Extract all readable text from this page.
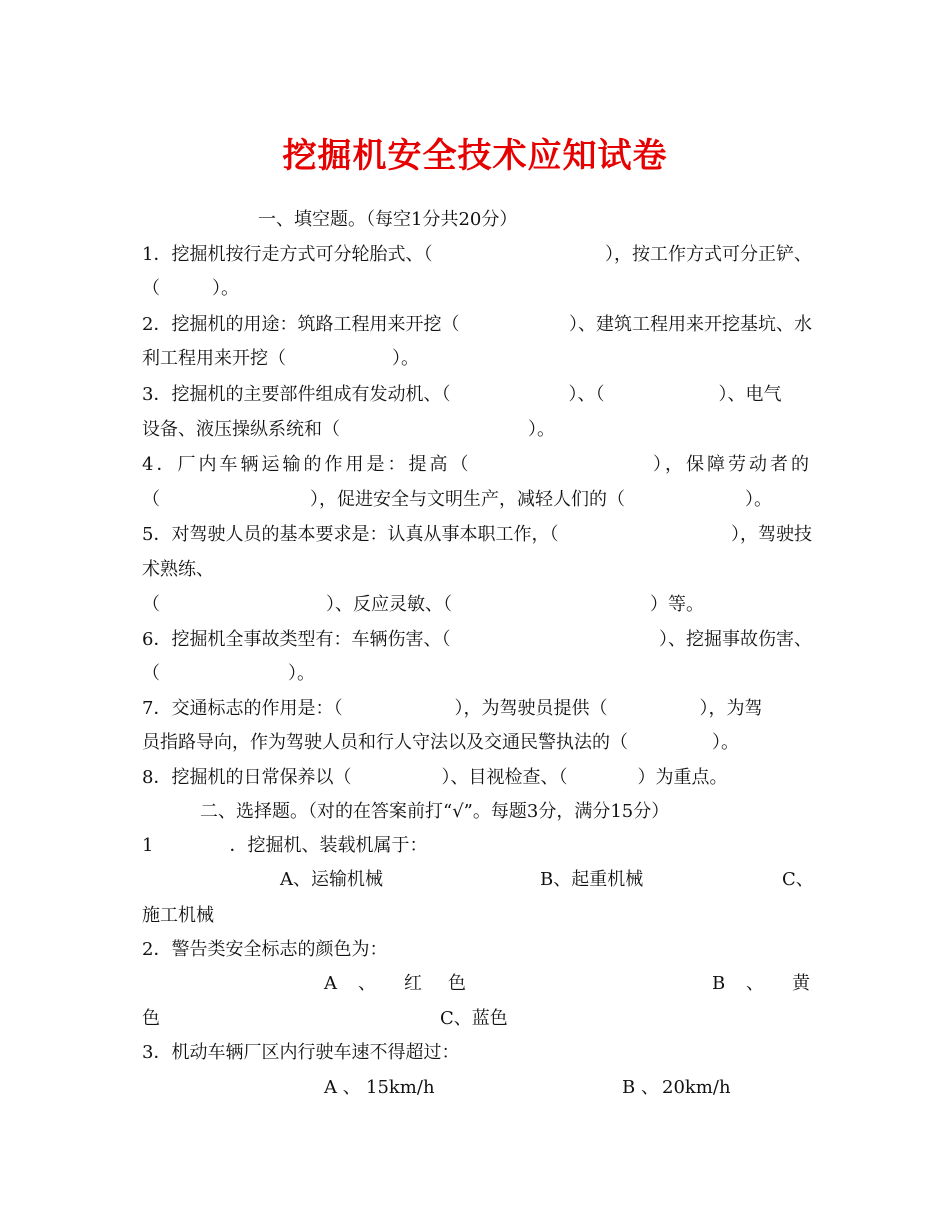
挖掘机安全技术应知试卷
一、填空题。（每空1分共20分）
1．挖掘机按行走方式可分轮胎式、（	），按工作方式可分正铲、
（	）。
2．挖掘机的用途：筑路工程用来开挖（	）、建筑工程用来开挖基坑、水
利工程用来开挖（	）。
3．挖掘机的主要部件组成有发动机、（	）、（	）、电气
设备、液压操纵系统和（	）。
4．厂内车辆运输的作用是：提高（	），保障劳动者的
（	），促进安全与文明生产，减轻人们的（	）。
5．对驾驶人员的基本要求是：认真从事本职工作，（	），驾驶技
术熟练、
（	）、反应灵敏、（	）等。
6．挖掘机全事故类型有：车辆伤害、（	）、挖掘事故伤害、
（	）。
7．交通标志的作用是：（	），为驾驶员提供（	），为驾
员指路导向，作为驾驶人员和行人守法以及交通民警执法的（	）。
8．挖掘机的日常保养以（	）、目视检查、（	）为重点。
二、选择题。（对的在答案前打“√”。每题3分，满分15分）
1	．挖掘机、装载机属于：
A、运输机械	B、起重机械	C、
施工机械
2．警告类安全标志的颜色为：
A 、 红 色	B 、 黄
色	C、蓝色
3．机动车辆厂区内行驶车速不得超过：
A 、 15km/h	B 、 20km/h
